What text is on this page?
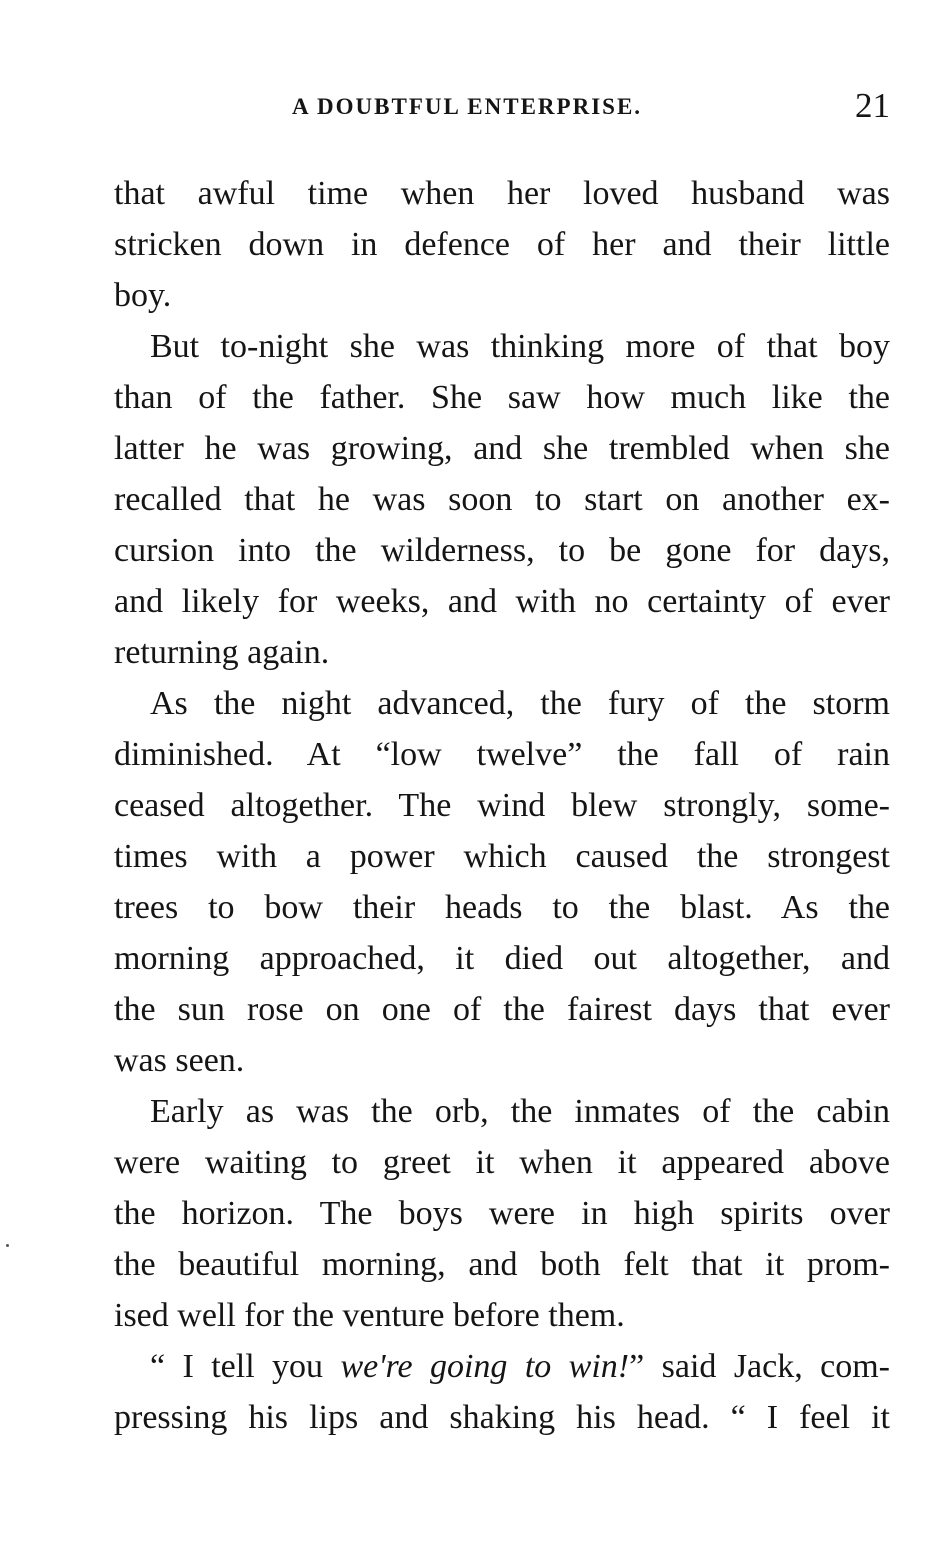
A DOUBTFUL ENTERPRISE.	21
that awful time when her loved husband was
stricken down in defence of her and their little
boy.
But to-night she was thinking more of that boy
than of the father. She saw how much like the
latter he was growing, and she trembled when she
recalled that he was soon to start on another ex-
cursion into the wilderness, to be gone for days,
and likely for weeks, and with no certainty of ever
returning again.
As the night advanced, the fury of the storm
diminished. At “low twelve” the fall of rain
ceased altogether. The wind blew strongly, some-
times with a power which caused the strongest
trees to bow their heads to the blast. As the
morning approached, it died out altogether, and
the sun rose on one of the fairest days that ever
was seen.
Early as was the orb, the inmates of the cabin
were waiting to greet it when it appeared above
the horizon. The boys were in high spirits over
the beautiful morning, and both felt that it prom-
ised well for the venture before them.
“ I tell you we're going to win!” said Jack, com-
pressing his lips and shaking his head. “ I feel it
